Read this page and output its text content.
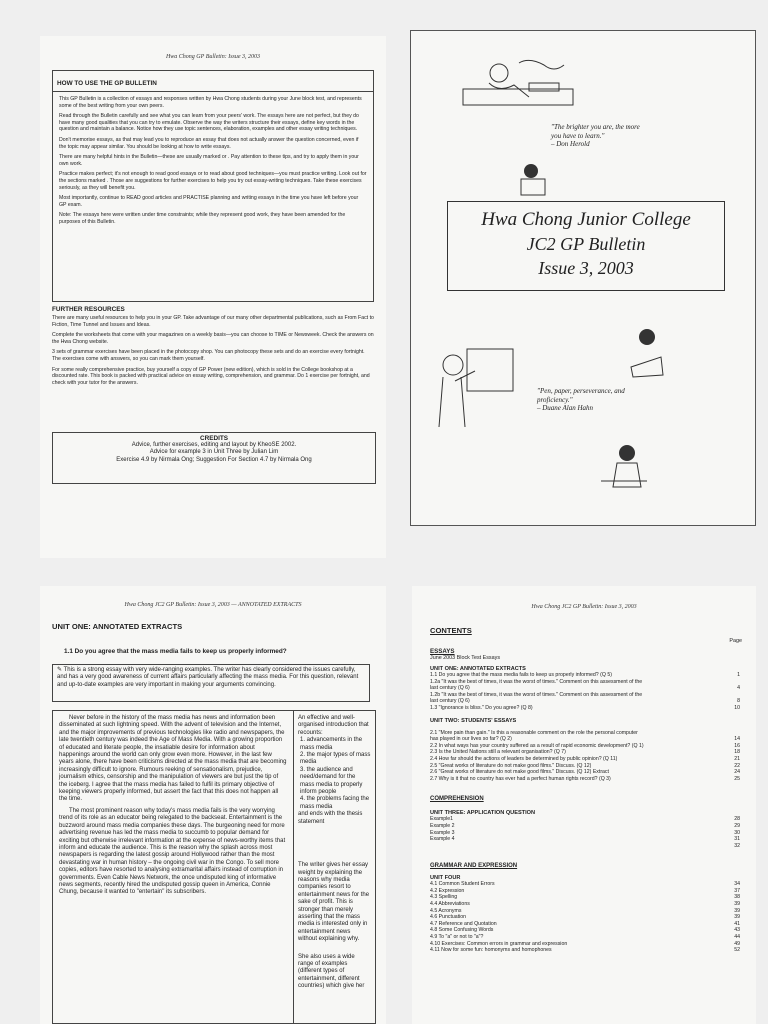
Hwa Chong GP Bulletin: Issue 3, 2003
HOW TO USE THE GP BULLETIN

This GP Bulletin is a collection of essays and responses written by Hwa Chong students during your June block test, and represents some of the best writing from your own peers.

Read through the Bulletin carefully and see what you can learn from your peers' work. The essays here are not perfect, but they do have many good qualities that you can try to emulate. Observe the way the writers structure their essays, define key words in the question and maintain a balance. Notice how they use topic sentences, elaboration, examples and other essay writing techniques.

Don't memorise essays, as that may lead you to reproduce an essay that does not actually answer the question concerned, even if the topic may appear similar. You should be looking at how to write essays.

There are many helpful hints in the Bulletin—these are usually marked or . Pay attention to these tips, and try to apply them in your own work.

Practice makes perfect; it's not enough to read good essays or to read about good techniques—you must practice writing. Look out for the sections marked . Those are suggestions for further exercises to help you try out essay-writing techniques. Take these exercises seriously, as they will benefit you.

Most importantly, continue to READ good articles and PRACTISE planning and writing essays in the time you have left before your GP exam.

Note: The essays here were written under time constraints; while they represent good work, they have been amended for the purposes of this Bulletin.

FURTHER RESOURCES

There are many useful resources to help you in your GP. Take advantage of our many other departmental publications, such as From Fact to Fiction, Time Tunnel and Issues and Ideas.

Complete the worksheets that come with your magazines on a weekly basis—you can choose to TIME or Newsweek. Check the answers on the Hwa Chong website.

3 sets of grammar exercises have been placed in the photocopy shop. You can photocopy these sets and do an exercise every fortnight. The exercises come with answers, so you can mark them yourself.

For some really comprehensive practice, buy yourself a copy of GP Power (new edition), which is sold in the College bookshop at a discounted rate. This book is packed with practical advice on essay writing, comprehension, and grammar. Do 1 exercise per fortnight, and check with your tutor for the answers.

CREDITS
Advice, further exercises, editing and layout by KheoSE 2002.
Advice for example 3 in Unit Three by Julian Lim
Exercise 4.9 by Nirmala Ong; Suggestion For Section 4.7 by Nirmala Ong
"The brighter you are, the more you have to learn."
– Don Herold
Hwa Chong Junior College
JC2 GP Bulletin
Issue 3, 2003
"Pen, paper, perseverance, and proficiency."
– Duane Alan Hahn
Hwa Chong JC2 GP Bulletin: Issue 3, 2003 — ANNOTATED EXTRACTS
UNIT ONE: ANNOTATED EXTRACTS
1.1 Do you agree that the mass media fails to keep us properly informed?
✎ This is a strong essay with very wide-ranging examples. The writer has clearly considered the issues carefully, and has a very good awareness of current affairs particularly affecting the mass media. For this question, relevant and up-to-date examples are very important in making your arguments convincing.

Never before in the history of the mass media has news and information been disseminated at such lightning speed. With the advent of television and the Internet, and the major improvements of previous technologies like radio and newspapers, the late twentieth century was indeed the Age of Mass Media. With a growing proportion of educated and literate people, the insatiable desire for information about happenings around the world can only grow even more. However, in the last few years alone, there have been criticisms directed at the mass media that are becoming increasingly difficult to ignore. Rumours reeking of sensationalism, prejudice, journalism ethics, censorship and the manipulation of viewers are but just the tip of the iceberg. I agree that the mass media has failed to fulfil its primary objective of keeping viewers properly informed, but assert the fact that this does not happen all the time.

The most prominent reason why today's mass media fails is the very worrying trend of its role as an educator being relegated to the backseat. Entertainment is the buzzword around mass media companies these days. The burgeoning need for more advertising revenue has led the mass media to succumb to popular demand for exciting but otherwise irrelevant information at the expense of news-worthy items that inform and educate the audience. This is the reason why the splash across most newspapers is regarding the latest gossip around Hollywood rather than the most devastating war in human history – the ongoing civil war in the Congo. To sell more copies, editors have resorted to analysing extramarital affairs instead of corruption in governments. Even Cable News Network, the once undisputed king of informative news segments, recently hired the undisputed gossip queen in America, Connie Chung, because it wanted to "entertain" its subscribers.

An effective and well-organised introduction that recounts:
1. advancements in the mass media
2. the major types of mass media
3. the audience and need/demand for the mass media to properly inform people
4. the problems facing the mass media
and ends with the thesis statement
The writer gives her essay weight by explaining the reasons why media companies resort to entertainment news for the sake of profit. This is stronger than merely asserting that the mass media is interested only in entertainment news without explaining why.
She also uses a wide range of examples (different types of entertainment, different countries) which give her
Hwa Chong JC2 GP Bulletin: Issue 3, 2003
CONTENTS
Page
ESSAYS
June 2003 Block Test Essays
UNIT ONE: ANNOTATED EXTRACTS
1.1 Do you agree that the mass media fails to keep us properly informed? (Q 5)	1
1.2a "It was the best of times, it was the worst of times." Comment on this assessment of the
last century (Q 6)	4
1.2b "It was the best of times, it was the worst of times." Comment on this assessment of the
last century (Q 6)	8
1.3 "Ignorance is bliss." Do you agree? (Q 8)	10
UNIT TWO: STUDENTS' ESSAYS
2.1 "More pain than gain." Is this a reasonable comment on the role the personal computer
has played in our lives so far? (Q 2)	14
2.2 In what ways has your country suffered as a result of rapid economic development? (Q 1)	16
2.3 Is the United Nations still a relevant organisation? (Q 7)	18
2.4 How far should the actions of leaders be determined by public opinion? (Q 11)	21
2.5 "Great works of literature do not make good films." Discuss. (Q 12)	22
2.6 "Great works of literature do not make good films." Discuss. (Q 12) Extract	24
2.7 Why is it that no country has ever had a perfect human rights record? (Q 3)	25
COMPREHENSION
UNIT THREE: APPLICATION QUESTION
Example1	28
Example 2	29
Example 3	30
Example 4	31
32
GRAMMAR AND EXPRESSION
UNIT FOUR
4.1 Common Student Errors	34
4.2 Expression	37
4.3 Spelling	38
4.4 Abbreviations	39
4.5 Acronyms	39
4.6 Punctuation	39
4.7 Reference and Quotation	41
4.8 Some Confusing Words	43
4.9 To "a" or not to "a"?	44
4.10 Exercises: Common errors in grammar and expression	49
4.11 Now for some fun: homonyms and homophones	52
